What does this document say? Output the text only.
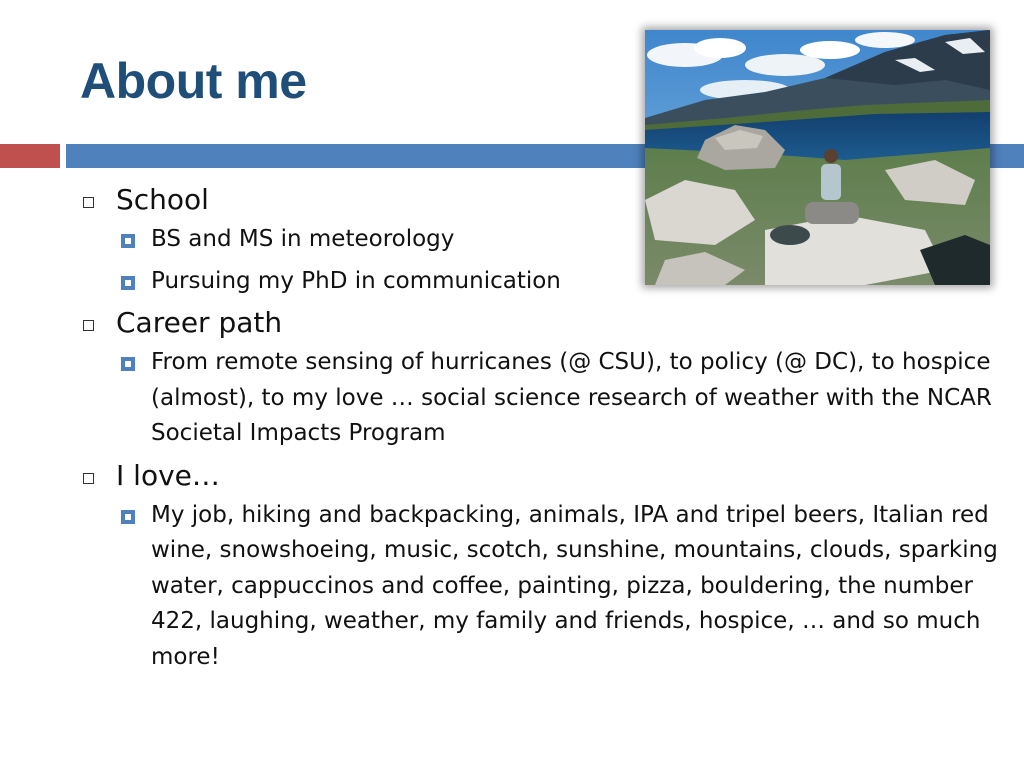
About me
School
BS and MS in meteorology
Pursuing my PhD in communication
Career path
From remote sensing of hurricanes (@ CSU), to policy (@ DC), to hospice (almost), to my love … social science research of weather with the NCAR Societal Impacts Program
I love…
My job, hiking and backpacking, animals, IPA and tripel beers, Italian red wine, snowshoeing, music, scotch, sunshine, mountains, clouds, sparking water, cappuccinos and coffee, painting, pizza, bouldering, the number 422, laughing, weather, my family and friends, hospice, … and so much more!
